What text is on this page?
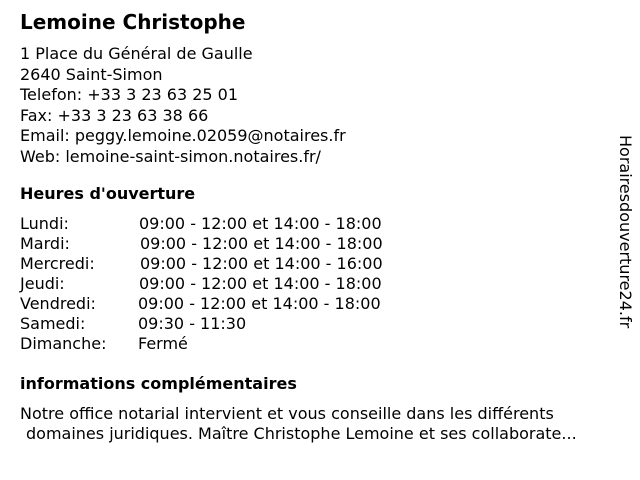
Lemoine Christophe
1 Place du Général de Gaulle
2640 Saint-Simon
Telefon: +33 3 23 63 25 01
Fax: +33 3 23 63 38 66
Email: peggy.lemoine.02059@notaires.fr
Web: lemoine-saint-simon.notaires.fr/
Heures d'ouverture
Lundi:	09:00 - 12:00 et 14:00 - 18:00
Mardi:	09:00 - 12:00 et 14:00 - 18:00
Mercredi:	09:00 - 12:00 et 14:00 - 16:00
Jeudi:	09:00 - 12:00 et 14:00 - 18:00
Vendredi:	09:00 - 12:00 et 14:00 - 18:00
Samedi:	09:30 - 11:30
Dimanche: Fermé
informations complémentaires
Notre office notarial intervient et vous conseille dans les différents
domaines juridiques. Maître Christophe Lemoine et ses collaborate...
Horairesdouverture24.fr
